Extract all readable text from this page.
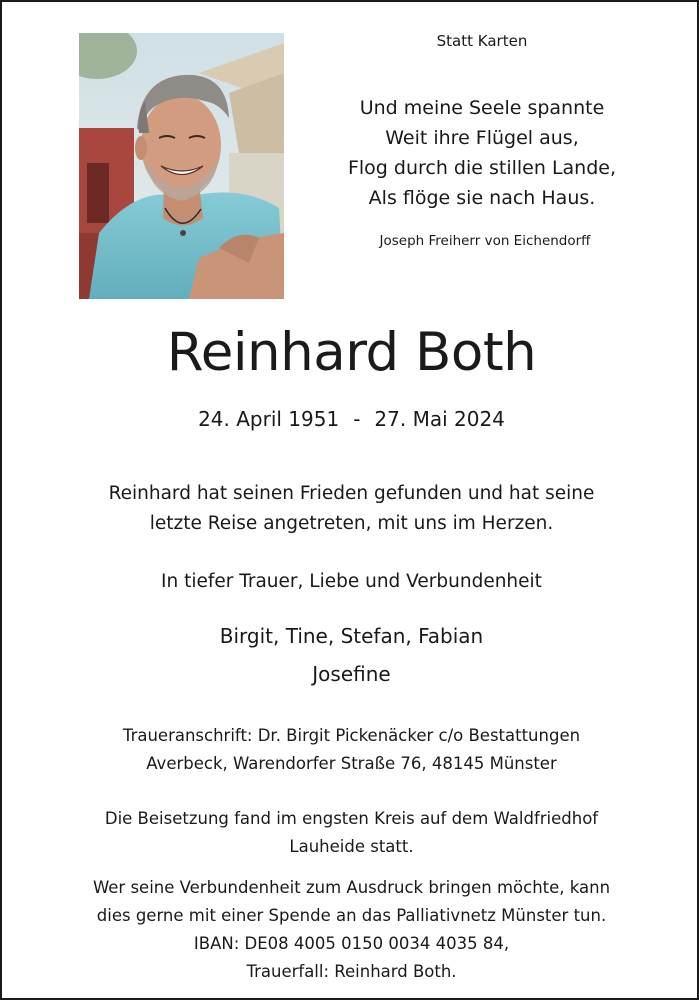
Statt Karten
Und meine Seele spannte
Weit ihre Flügel aus,
Flog durch die stillen Lande,
Als flöge sie nach Haus.
Joseph Freiherr von Eichendorff
Reinhard Both
24. April 1951 - 27. Mai 2024
Reinhard hat seinen Frieden gefunden und hat seine
letzte Reise angetreten, mit uns im Herzen.
In tiefer Trauer, Liebe und Verbundenheit
Birgit, Tine, Stefan, Fabian
Josefine
Traueranschrift: Dr. Birgit Pickenäcker c/o Bestattungen
Averbeck, Warendorfer Straße 76, 48145 Münster
Die Beisetzung fand im engsten Kreis auf dem Waldfriedhof
Lauheide statt.
Wer seine Verbundenheit zum Ausdruck bringen möchte, kann
dies gerne mit einer Spende an das Palliativnetz Münster tun.
IBAN: DE08 4005 0150 0034 4035 84,
Trauerfall: Reinhard Both.
